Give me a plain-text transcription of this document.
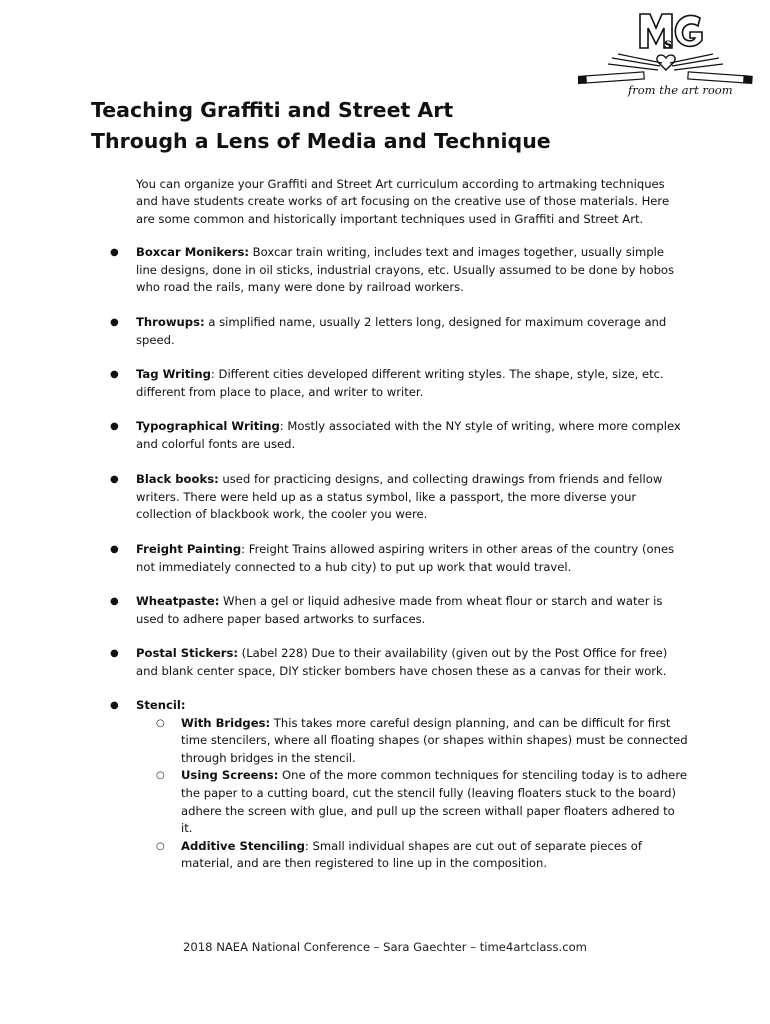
s
from the art room
Teaching Graffiti and Street Art
Through a Lens of Media and Technique

You can organize your Graffiti and Street Art curriculum according to artmaking techniques and have students create works of art focusing on the creative use of those materials. Here are some common and historically important techniques used in Graffiti and Street Art.

● Boxcar Monikers: Boxcar train writing, includes text and images together, usually simple line designs, done in oil sticks, industrial crayons, etc. Usually assumed to be done by hobos who road the rails, many were done by railroad workers.
● Throwups: a simplified name, usually 2 letters long, designed for maximum coverage and speed.
● Tag Writing: Different cities developed different writing styles. The shape, style, size, etc. different from place to place, and writer to writer.
● Typographical Writing: Mostly associated with the NY style of writing, where more complex and colorful fonts are used.
● Black books: used for practicing designs, and collecting drawings from friends and fellow writers. There were held up as a status symbol, like a passport, the more diverse your collection of blackbook work, the cooler you were.
● Freight Painting: Freight Trains allowed aspiring writers in other areas of the country (ones not immediately connected to a hub city) to put up work that would travel.
● Wheatpaste: When a gel or liquid adhesive made from wheat flour or starch and water is used to adhere paper based artworks to surfaces.
● Postal Stickers: (Label 228) Due to their availability (given out by the Post Office for free) and blank center space, DIY sticker bombers have chosen these as a canvas for their work.
● Stencil:
○ With Bridges: This takes more careful design planning, and can be difficult for first time stencilers, where all floating shapes (or shapes within shapes) must be connected through bridges in the stencil.
○ Using Screens: One of the more common techniques for stenciling today is to adhere the paper to a cutting board, cut the stencil fully (leaving floaters stuck to the board) adhere the screen with glue, and pull up the screen withall paper floaters adhered to it.
○ Additive Stenciling: Small individual shapes are cut out of separate pieces of material, and are then registered to line up in the composition.
2018 NAEA National Conference – Sara Gaechter – time4artclass.com
